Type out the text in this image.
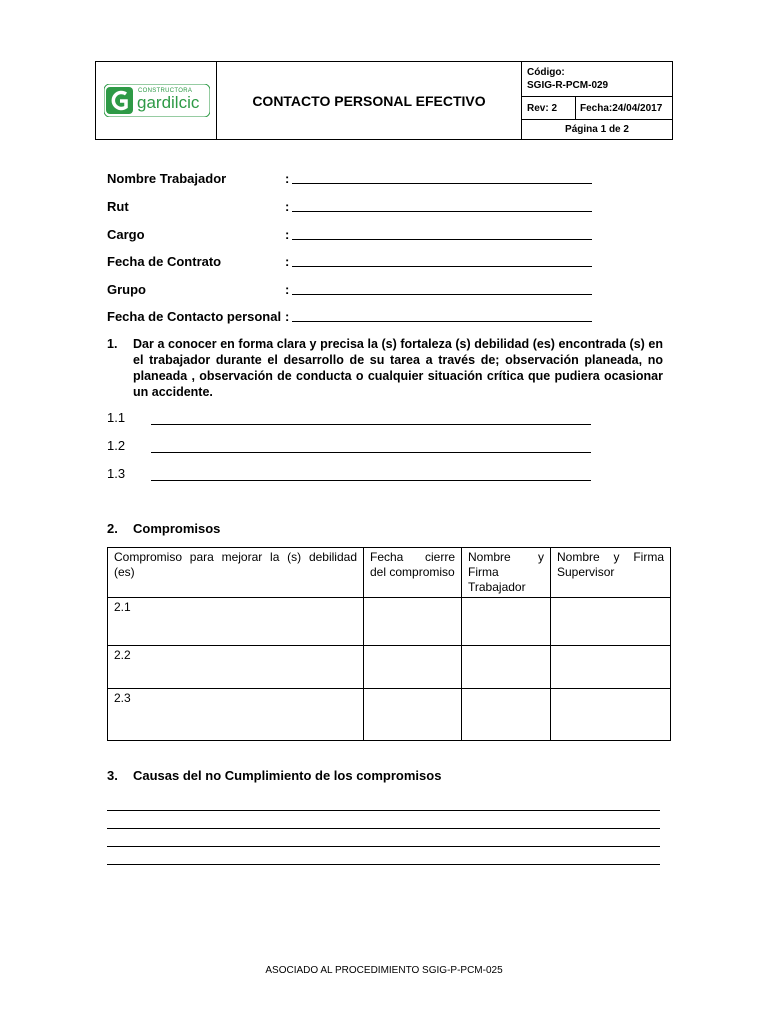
CONSTRUCTORA
gardilcic	CONTACTO PERSONAL EFECTIVO
Código:
SGIG-R-PCM-029
Rev: 2 Fecha:24/04/2017
Página 1 de 2
Nombre Trabajador	:
Rut	:
Cargo	:
Fecha de Contrato	:
Grupo	:
Fecha de Contacto personal :
1. Dar a conocer en forma clara y precisa la (s) fortaleza (s) debilidad (es) encontrada (s) en el trabajador durante el desarrollo de su tarea a través de; observación planeada, no planeada , observación de conducta o cualquier situación crítica que pudiera ocasionar un accidente.
1.1
1.2
1.3
2. Compromisos
Compromiso para mejorar la (s) debilidad (es)	Fecha cierre del compromiso	Nombre y Firma Trabajador	Nombre y Firma Supervisor
2.1			
2.2			
2.3			
3. Causas del no Cumplimiento de los compromisos
ASOCIADO AL PROCEDIMIENTO SGIG-P-PCM-025
